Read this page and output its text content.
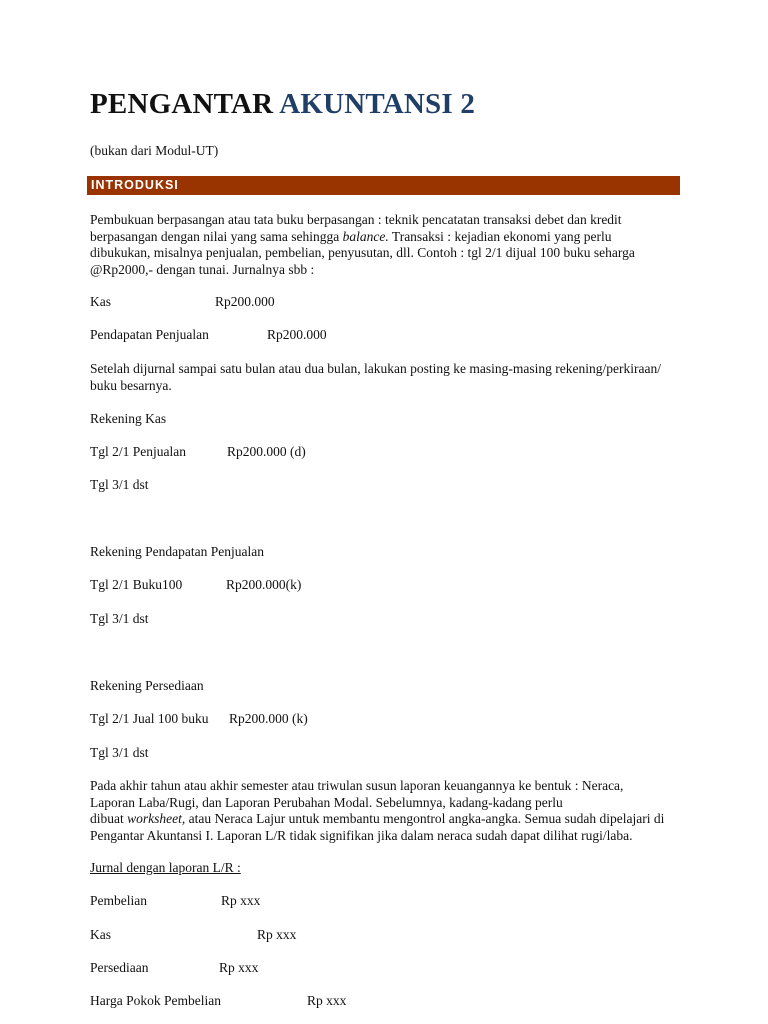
PENGANTAR AKUNTANSI 2
(bukan dari Modul-UT)
INTRODUKSI
Pembukuan berpasangan atau tata buku berpasangan : teknik pencatatan transaksi debet dan kredit
berpasangan dengan nilai yang sama sehingga balance. Transaksi : kejadian ekonomi yang perlu
dibukukan, misalnya penjualan, pembelian, penyusutan, dll. Contoh : tgl 2/1 dijual 100 buku seharga
@Rp2000,- dengan tunai. Jurnalnya sbb :
Kas	Rp200.000
Pendapatan Penjualan	Rp200.000
Setelah dijurnal sampai satu bulan atau dua bulan, lakukan posting ke masing-masing rekening/perkiraan/
buku besarnya.
Rekening Kas
Tgl 2/1 Penjualan	Rp200.000 (d)
Tgl 3/1 dst
Rekening Pendapatan Penjualan
Tgl 2/1 Buku100	Rp200.000(k)
Tgl 3/1 dst
Rekening Persediaan
Tgl 2/1 Jual 100 buku Rp200.000 (k)
Tgl 3/1 dst
Pada akhir tahun atau akhir semester atau triwulan susun laporan keuangannya ke bentuk : Neraca,
Laporan Laba/Rugi, dan Laporan Perubahan Modal. Sebelumnya, kadang-kadang perlu
dibuat worksheet, atau Neraca Lajur untuk membantu mengontrol angka-angka. Semua sudah dipelajari di
Pengantar Akuntansi I. Laporan L/R tidak signifikan jika dalam neraca sudah dapat dilihat rugi/laba.
Jurnal dengan laporan L/R :
Pembelian	Rp xxx
Kas	Rp xxx
Persediaan	Rp xxx
Harga Pokok Pembelian	Rp xxx
